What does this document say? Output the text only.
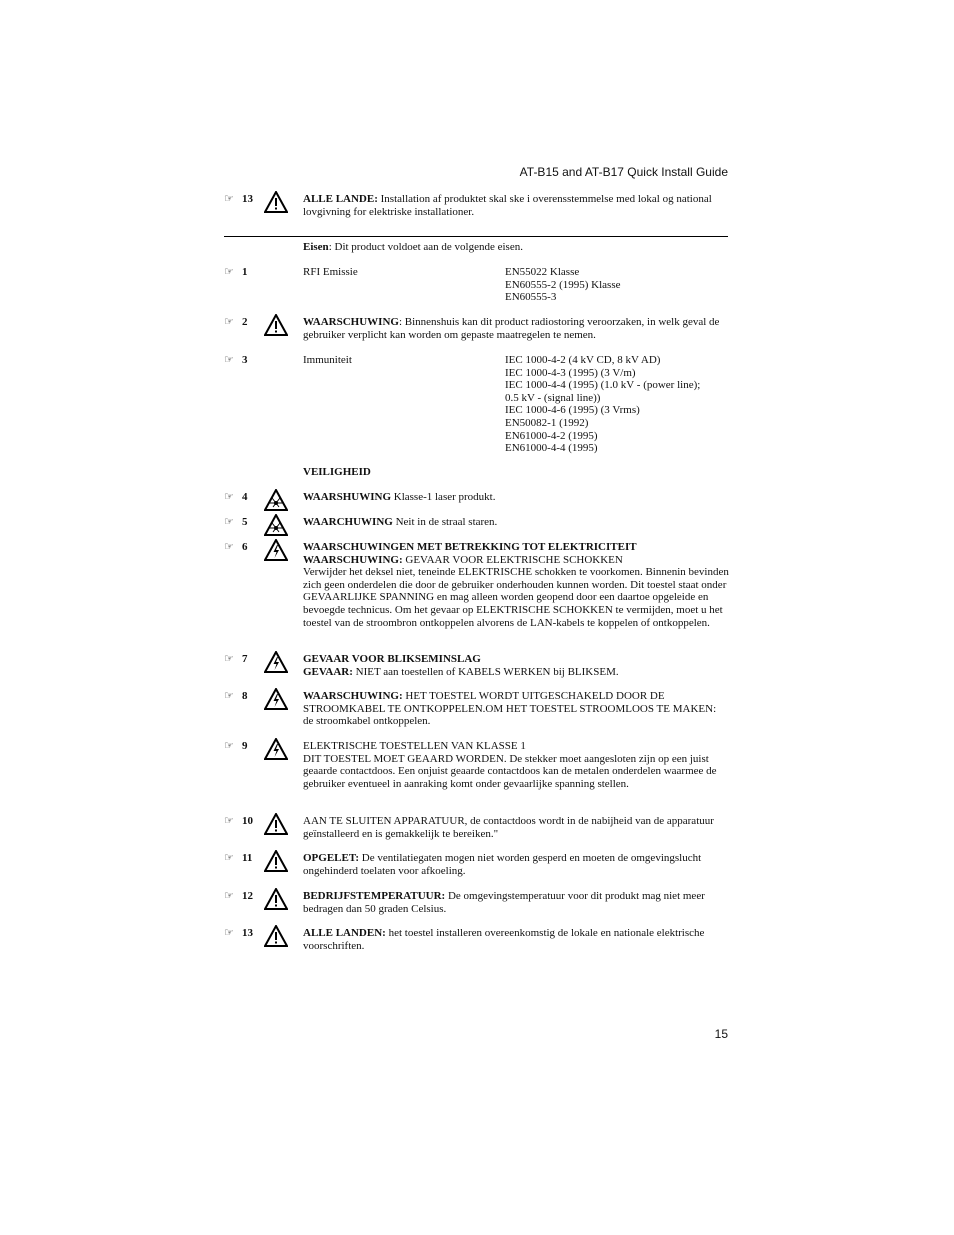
AT-B15 and AT-B17 Quick Install Guide
☞ 13	ALLE LANDE: Installation af produktet skal ske i overensstemmelse med lokal og national lovgivning for elektriske installationer.
Eisen: Dit product voldoet aan de volgende eisen.
☞ 1	RFI Emissie	EN55022 Klasse
EN60555-2 (1995) Klasse
EN60555-3
☞ 2	WAARSCHUWING: Binnenshuis kan dit product radiostoring veroorzaken, in welk geval de gebruiker verplicht kan worden om gepaste maatregelen te nemen.
☞ 3	Immuniteit	IEC 1000-4-2 (4 kV CD, 8 kV AD)
IEC 1000-4-3 (1995) (3 V/m)
IEC 1000-4-4 (1995) (1.0 kV - (power line);
0.5 kV - (signal line))
IEC 1000-4-6 (1995) (3 Vrms)
EN50082-1 (1992)
EN61000-4-2 (1995)
EN61000-4-4 (1995)
VEILIGHEID
☞ 4	WAARSHUWING Klasse-1 laser produkt.
☞ 5	WAARCHUWING Neit in de straal staren.
☞ 6	WAARSCHUWINGEN MET BETREKKING TOT ELEKTRICITEIT
WAARSCHUWING: GEVAAR VOOR ELEKTRISCHE SCHOKKEN
Verwijder het deksel niet, teneinde ELEKTRISCHE schokken te voorkomen. Binnenin bevinden zich geen onderdelen die door de gebruiker onderhouden kunnen worden. Dit toestel staat onder GEVAARLIJKE SPANNING en mag alleen worden geopend door een daartoe opgeleide en bevoegde technicus. Om het gevaar op ELEKTRISCHE SCHOKKEN te vermijden, moet u het toestel van de stroombron ontkoppelen alvorens de LAN-kabels te koppelen of ontkoppelen.
☞ 7	GEVAAR VOOR BLIKSEMINSLAG
GEVAAR: NIET aan toestellen of KABELS WERKEN bij BLIKSEM.
☞ 8	WAARSCHUWING: HET TOESTEL WORDT UITGESCHAKELD DOOR DE STROOMKABEL TE ONTKOPPELEN.OM HET TOESTEL STROOMLOOS TE MAKEN: de stroomkabel ontkoppelen.
☞ 9	ELEKTRISCHE TOESTELLEN VAN KLASSE 1
DIT TOESTEL MOET GEAARD WORDEN. De stekker moet aangesloten zijn op een juist geaarde contactdoos. Een onjuist geaarde contactdoos kan de metalen onderdelen waarmee de gebruiker eventueel in aanraking komt onder gevaarlijke spanning stellen.
☞ 10	AAN TE SLUITEN APPARATUUR, de contactdoos wordt in de nabijheid van de apparatuur geïnstalleerd en is gemakkelijk te bereiken."
☞ 11	OPGELET: De ventilatiegaten mogen niet worden gesperd en moeten de omgevingslucht ongehinderd toelaten voor afkoeling.
☞ 12	BEDRIJFSTEMPERATUUR: De omgevingstemperatuur voor dit produkt mag niet meer bedragen dan 50 graden Celsius.
☞ 13	ALLE LANDEN: het toestel installeren overeenkomstig de lokale en nationale elektrische voorschriften.
15
